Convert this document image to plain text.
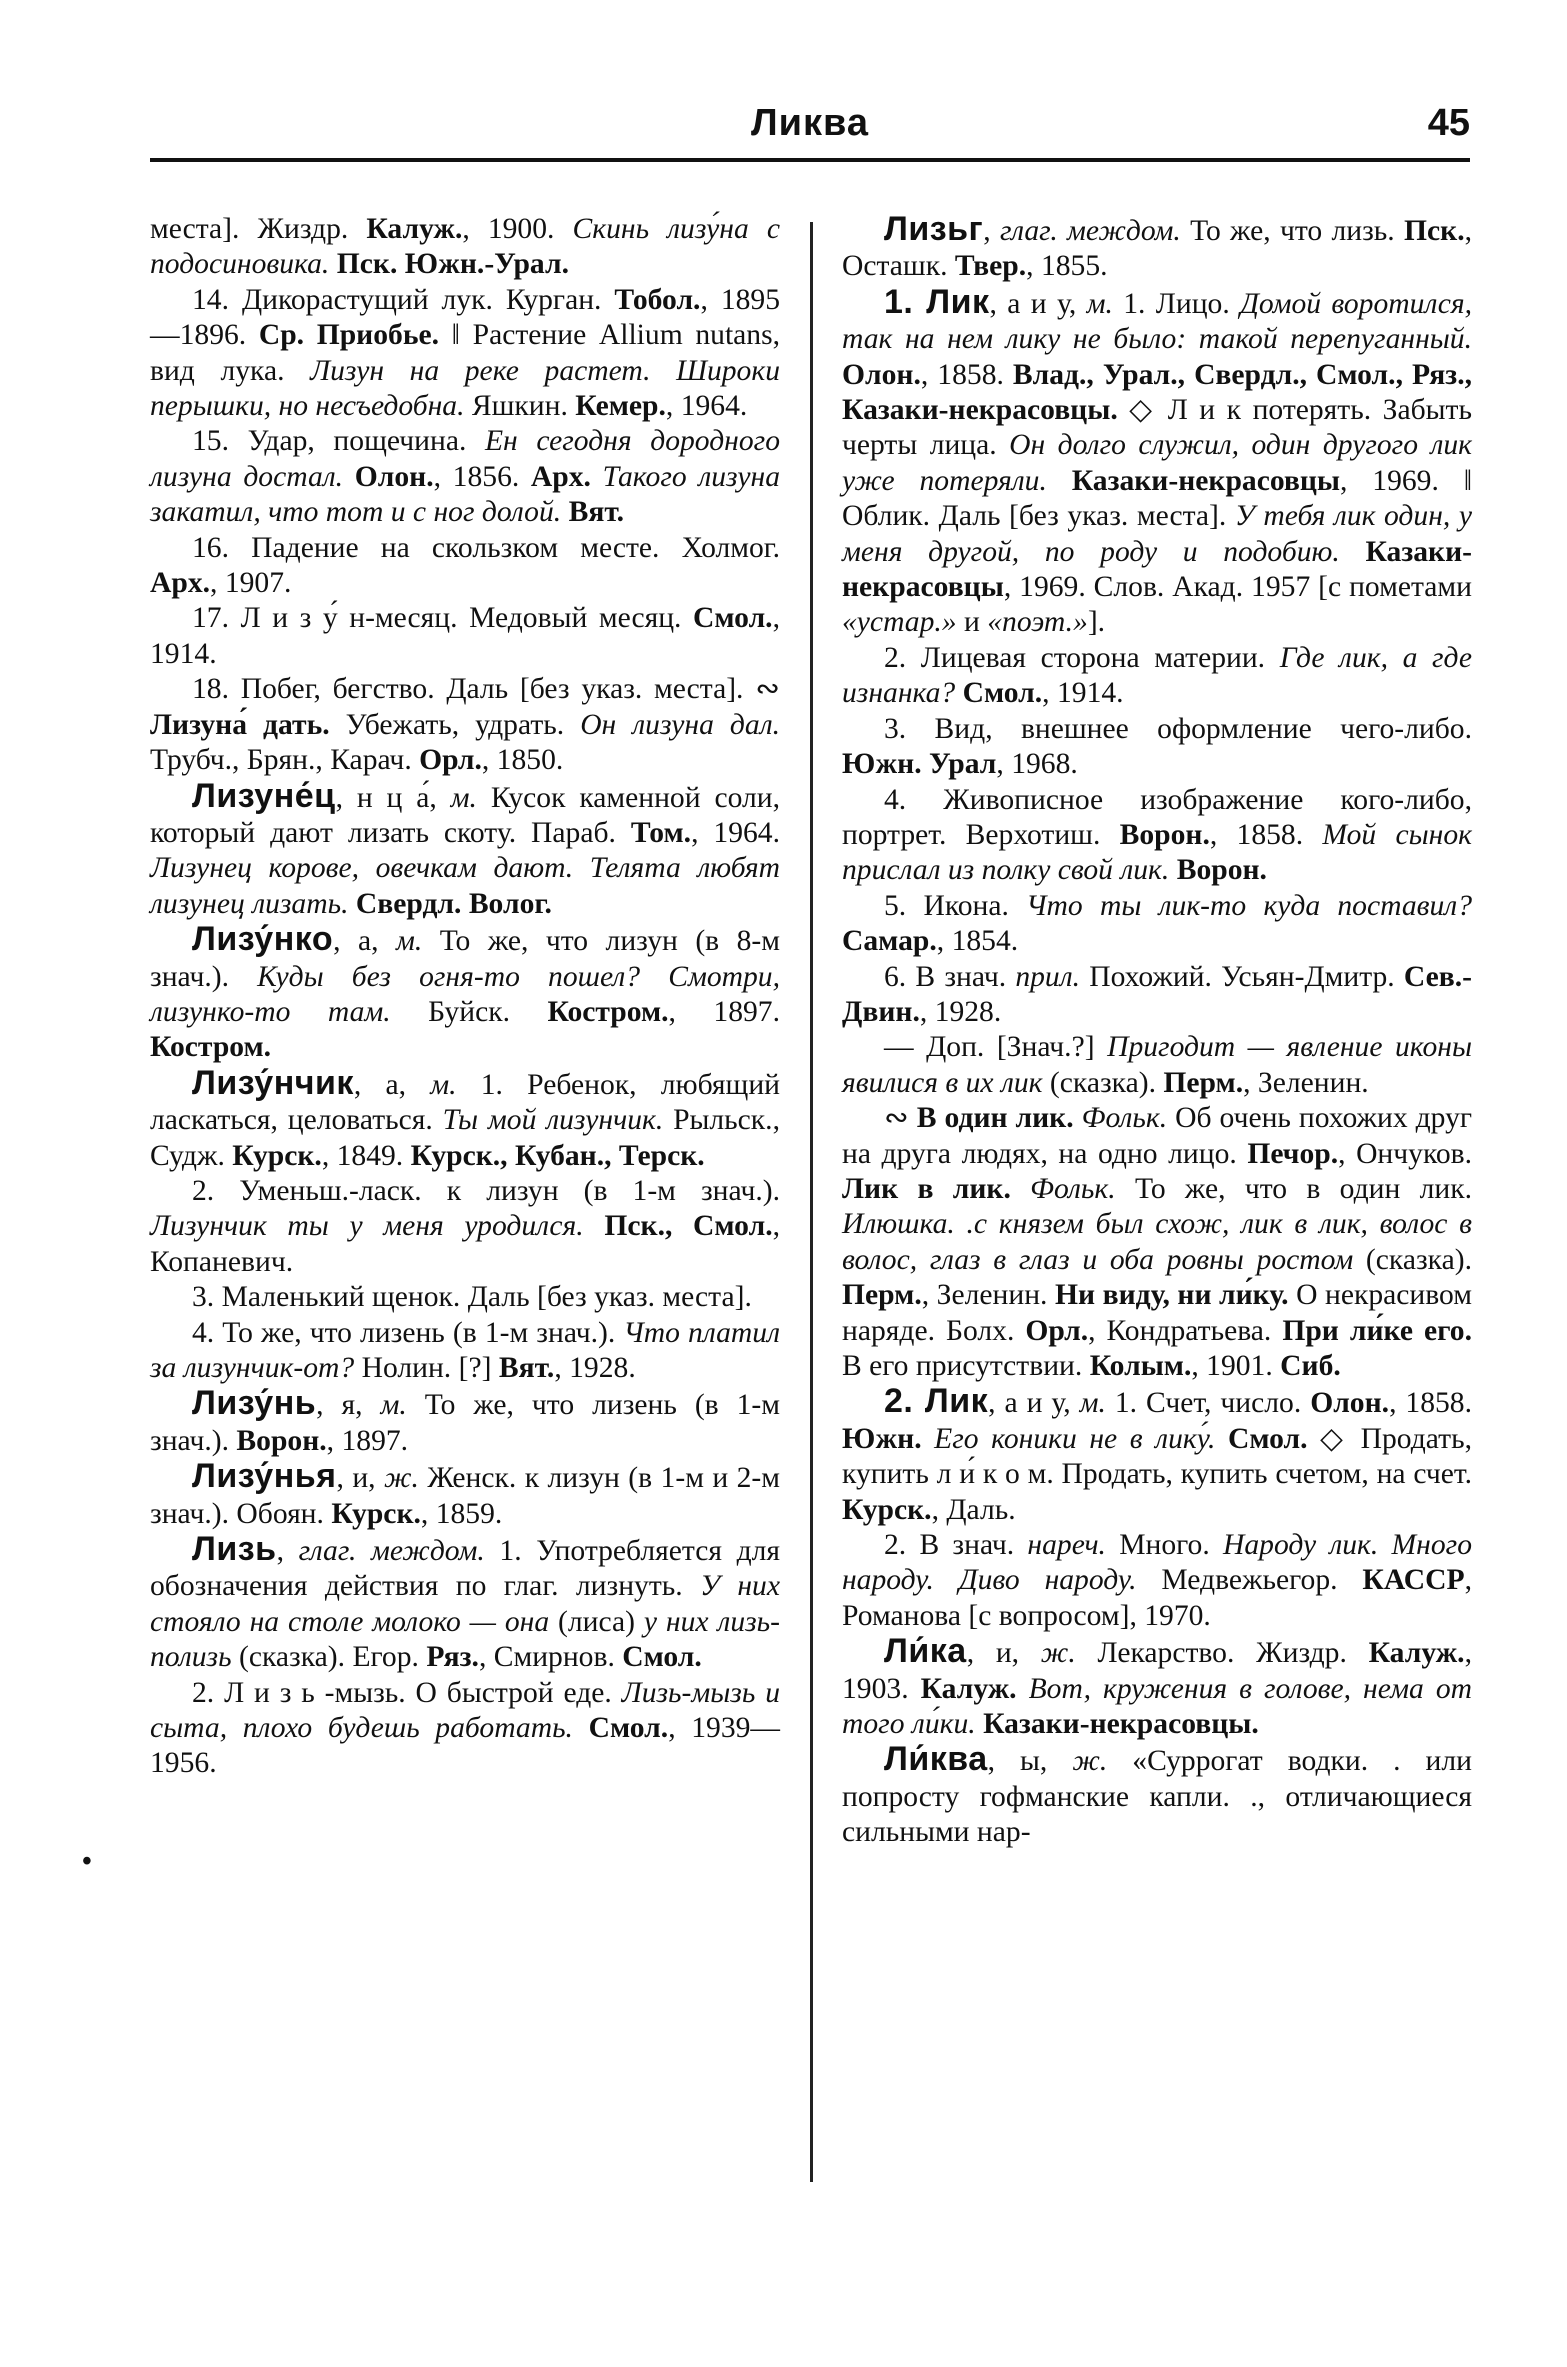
Ликва	45
•

места]. Жиздр. Калуж., 1900. Скинь лизу́на с подосиновика. Пск. Южн.-Урал.

14. Дикорастущий лук. Курган. Тобол., 1895—1896. Ср. Приобье. ‖ Растение Allium nutans, вид лука. Лизун на реке растет. Широки перышки, но несъедобна. Яшкин. Кемер., 1964.

15. Удар, пощечина. Ен сегодня дородного лизуна достал. Олон., 1856. Арх. Такого лизуна закатил, что тот и с ног долой. Вят.

16. Падение на скользком месте. Холмог. Арх., 1907.

17. Л и з у́ н-месяц. Медовый месяц. Смол., 1914.

18. Побег, бегство. Даль [без указ. места]. ∾ Лизуна́ дать. Убежать, удрать. Он лизуна дал. Трубч., Брян., Карач. Орл., 1850.

Лизуне́ц, н ц а́, м. Кусок каменной соли, который дают лизать скоту. Параб. Том., 1964. Лизунец корове, овечкам дают. Телята любят лизунец лизать. Свердл. Волог.

Лизу́нко, а, м. То же, что лизун (в 8-м знач.). Куды без огня-то пошел? Смотри, лизунко-то там. Буйск. Костром., 1897. Костром.

Лизу́нчик, а, м. 1. Ребенок, любящий ласкаться, целоваться. Ты мой лизунчик. Рыльск., Судж. Курск., 1849. Курск., Кубан., Терск.

2. Уменьш.-ласк. к лизун (в 1-м знач.). Лизунчик ты у меня уродился. Пск., Смол., Копаневич.

3. Маленький щенок. Даль [без указ. места].

4. То же, что лизень (в 1-м знач.). Что платил за лизунчик-от? Нолин. [?] Вят., 1928.

Лизу́нь, я, м. То же, что лизень (в 1-м знач.). Ворон., 1897.

Лизу́нья, и, ж. Женск. к лизун (в 1-м и 2-м знач.). Обоян. Курск., 1859.

Лизь, глаг. междом. 1. Употребляется для обозначения действия по глаг. лизнуть. У них стояло на столе молоко — она (лиса) у них лизь-полизь (сказка). Егор. Ряз., Смирнов. Смол.

2. Л и з ь -мызь. О быстрой еде. Лизь-мызь и сыта, плохо будешь работать. Смол., 1939—1956.

Лизьг, глаг. междом. То же, что лизь. Пск., Осташк. Твер., 1855.

1. Лик, а и у, м. 1. Лицо. Домой воротился, так на нем лику не было: такой перепуганный. Олон., 1858. Влад., Урал., Свердл., Смол., Ряз., Казаки-некрасовцы. ◇ Л и к потерять. Забыть черты лица. Он долго служил, один другого лик уже потеряли. Казаки-некрасовцы, 1969. ‖ Облик. Даль [без указ. места]. У тебя лик один, у меня другой, по роду и подобию. Казаки-некрасовцы, 1969. Слов. Акад. 1957 [с пометами «устар.» и «поэт.»].

2. Лицевая сторона материи. Где лик, а где изнанка? Смол., 1914.

3. Вид, внешнее оформление чего-либо. Южн. Урал, 1968.

4. Живописное изображение кого-либо, портрет. Верхотиш. Ворон., 1858. Мой сынок прислал из полку свой лик. Ворон.

5. Икона. Что ты лик-то куда поставил? Самар., 1854.

6. В знач. прил. Похожий. Усьян-Дмитр. Сев.-Двин., 1928.

— Доп. [Знач.?] Пригодит — явление иконы явилися в их лик (сказка). Перм., Зеленин.

∾ В один лик. Фольк. Об очень похожих друг на друга людях, на одно лицо. Печор., Ончуков. Лик в лик. Фольк. То же, что в один лик. Илюшка. .с князем был схож, лик в лик, волос в волос, глаз в глаз и оба ровны ростом (сказка). Перм., Зеленин. Ни виду, ни ли́ку. О некрасивом наряде. Болх. Орл., Кондратьева. При ли́ке его. В его присутствии. Колым., 1901. Сиб.

2. Лик, а и у, м. 1. Счет, число. Олон., 1858. Южн. Его коники не в лику́. Смол. ◇ Продать, купить л и́ к о м. Продать, купить счетом, на счет. Курск., Даль.

2. В знач. нареч. Много. Народу лик. Много народу. Диво народу. Медвежьегор. КАССР, Романова [с вопросом], 1970.

Ли́ка, и, ж. Лекарство. Жиздр. Калуж., 1903. Калуж. Вот, кружения в голове, нема от того ли́ки. Казаки-некрасовцы.

Ли́ква, ы, ж. «Суррогат водки. . или попросту гофманские капли. ., отличающиеся сильными нар-
